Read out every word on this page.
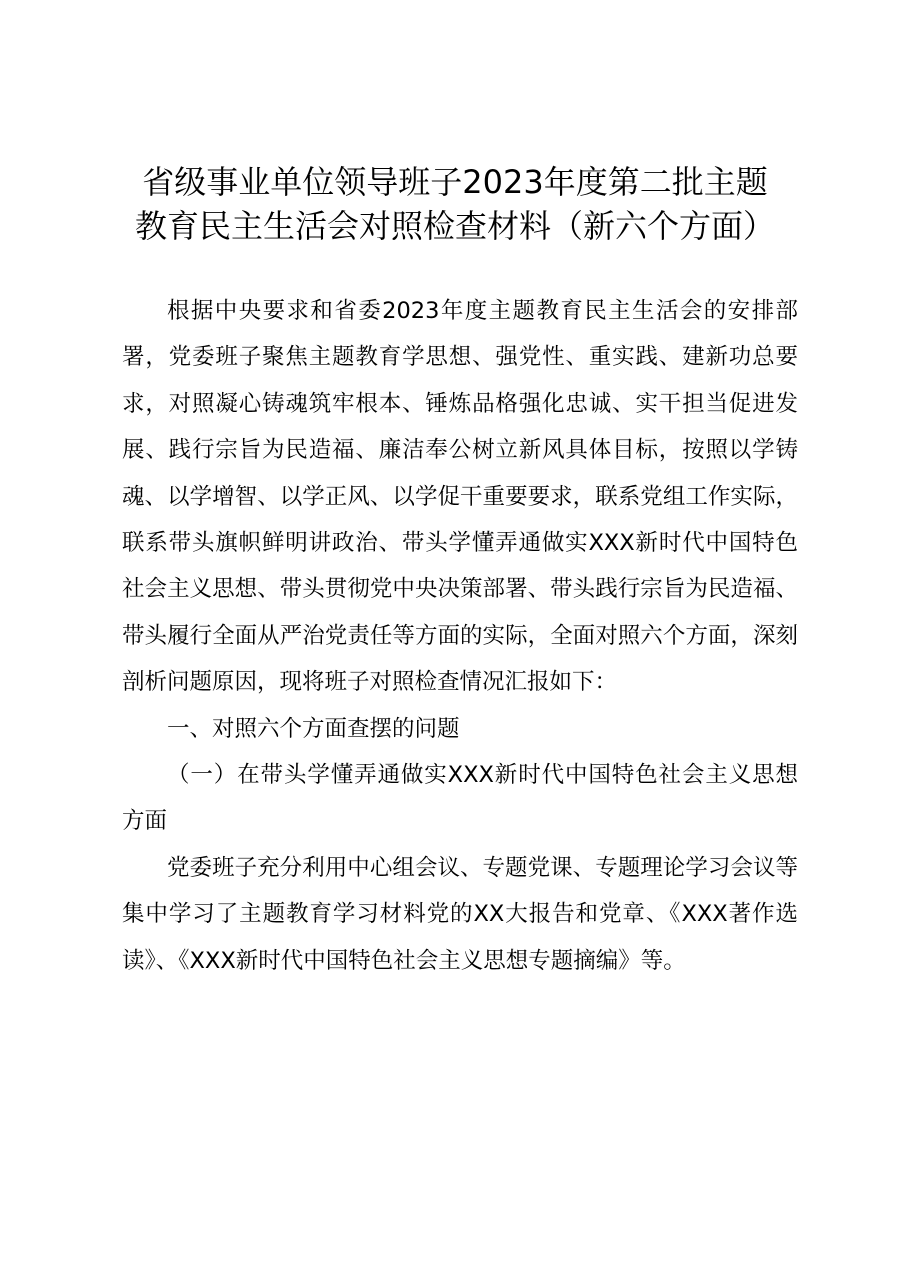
省级事业单位领导班子2023年度第二批主题
教育民主生活会对照检查材料（新六个方面）

根据中央要求和省委2023年度主题教育民主生活会的安排部署，党委班子聚焦主题教育学思想、强党性、重实践、建新功总要求，对照凝心铸魂筑牢根本、锤炼品格强化忠诚、实干担当促进发展、践行宗旨为民造福、廉洁奉公树立新风具体目标，按照以学铸魂、以学增智、以学正风、以学促干重要要求，联系党组工作实际，联系带头旗帜鲜明讲政治、带头学懂弄通做实XXX新时代中国特色社会主义思想、带头贯彻党中央决策部署、带头践行宗旨为民造福、带头履行全面从严治党责任等方面的实际，全面对照六个方面，深刻剖析问题原因，现将班子对照检查情况汇报如下：

一、对照六个方面查摆的问题

（一）在带头学懂弄通做实XXX新时代中国特色社会主义思想方面

党委班子充分利用中心组会议、专题党课、专题理论学习会议等集中学习了主题教育学习材料党的XX大报告和党章、《XXX著作选读》、《XXX新时代中国特色社会主义思想专题摘编》等。
